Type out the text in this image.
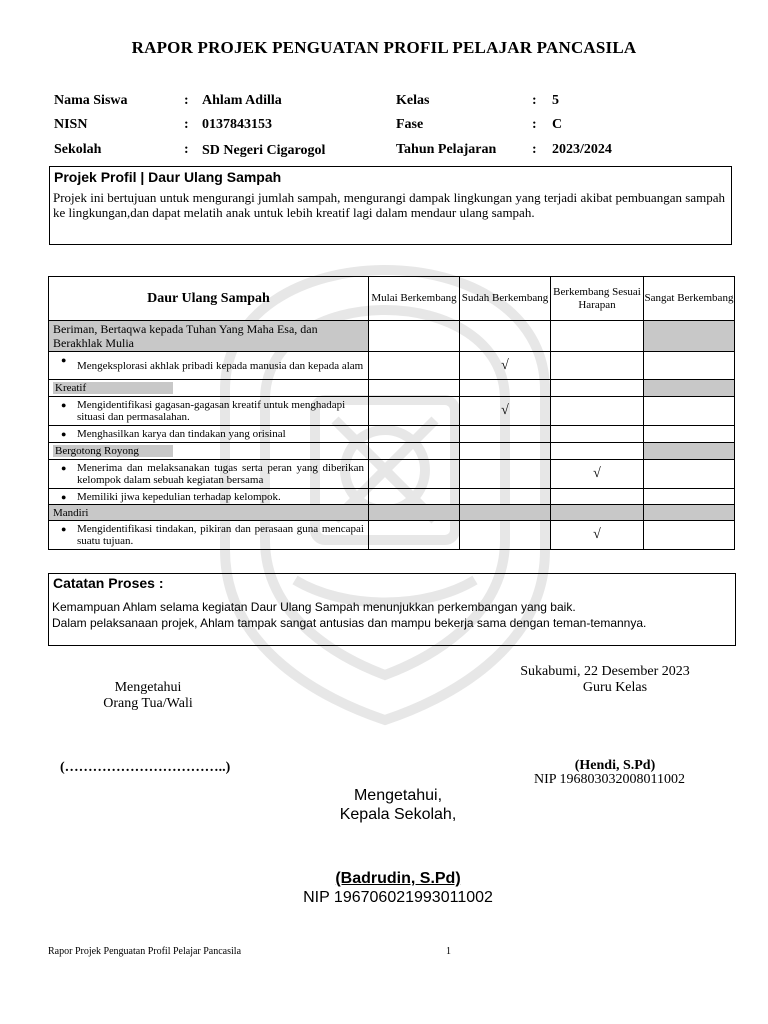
RAPOR PROJEK PENGUATAN PROFIL PELAJAR PANCASILA
Nama Siswa	: Ahlam Adilla	Kelas	: 5
NISN	: 0137843153	Fase	: C
Sekolah	: SD Negeri Cigarogol	Tahun Pelajaran	: 2023/2024
Projek Profil | Daur Ulang Sampah
Projek ini bertujuan untuk mengurangi jumlah sampah, mengurangi dampak lingkungan yang terjadi akibat pembuangan sampah ke lingkungan,dan dapat melatih anak untuk lebih kreatif lagi dalam mendaur ulang sampah.
Daur Ulang Sampah	Mulai Berkembang	Sudah Berkembang	Berkembang Sesuai Harapan	Sangat Berkembang
Beriman, Bertaqwa kepada Tuhan Yang Maha Esa, dan Berakhlak Mulia				

● Mengeksplorasi akhlak pribadi kepada manusia dan kepada alam		√		
Kreatif				

● Mengidentifikasi gagasan-gagasan kreatif untuk menghadapi situasi dan permasalahan.		√		

● Menghasilkan karya dan tindakan yang orisinal				

Bergotong Royong				

● Menerima dan melaksanakan tugas serta peran yang diberikan kelompok dalam sebuah kegiatan bersama			√	

● Memiliki jiwa kepedulian terhadap kelompok.				

Mandiri				

● Mengidentifikasi tindakan, pikiran dan perasaan guna mencapai suatu tujuan.			√	
Catatan Proses :
Kemampuan Ahlam selama kegiatan Daur Ulang Sampah menunjukkan perkembangan yang baik.
Dalam pelaksanaan projek, Ahlam tampak sangat antusias dan mampu bekerja sama dengan teman-temannya.
Sukabumi, 22 Desember 2023
Guru Kelas
Mengetahui
Orang Tua/Wali
(……………………………..)	(Hendi, S.Pd)
NIP 196803032008011002
Mengetahui,
Kepala Sekolah,
(Badrudin, S.Pd)
NIP 196706021993011002
Rapor Projek Penguatan Profil Pelajar Pancasila	1
